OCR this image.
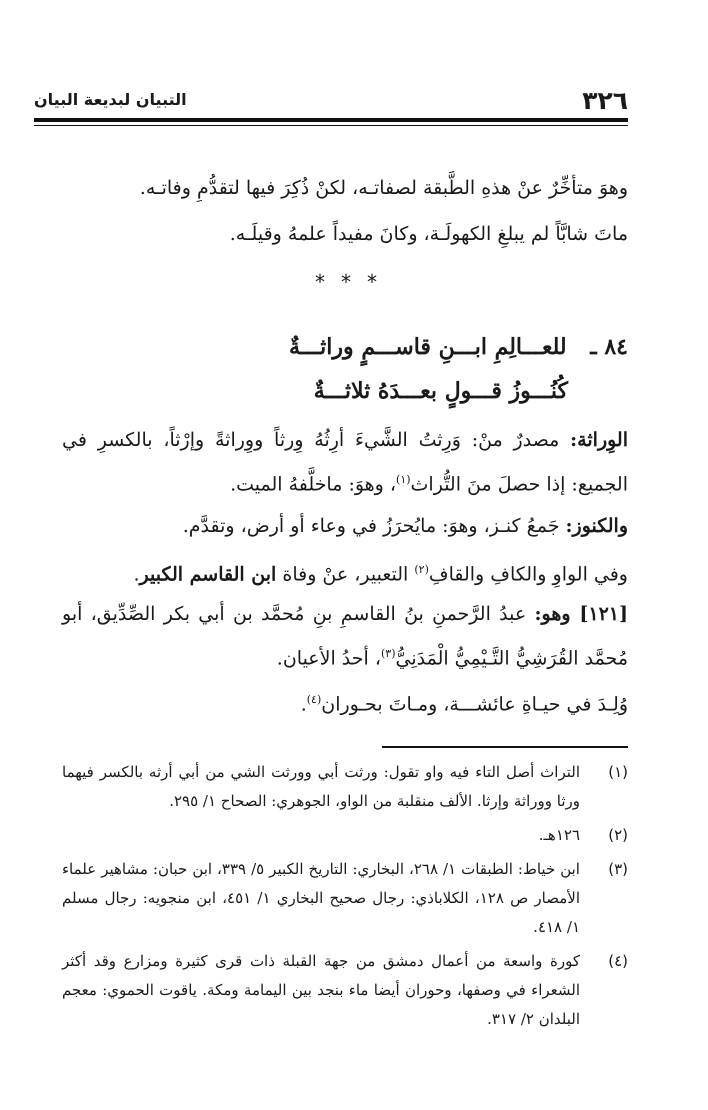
٣٢٦
التبيان لبديعة البيان
وهوَ متأخِّرٌ عنْ هذهِ الطَّبقة لصفاتـه، لكنْ ذُكِرَ فيها لتقدُّمِ وفاتـه.
ماتَ شابَّاً لم يبلغِ الكهولَـة، وكانَ مفيداً علمهُ وقيلَـه.
***
٨٤ ـ للعـــالِمِ ابـــنِ قاســـمٍ وراثـــةٌ
كُنُـــوزُ قـــولٍ بعـــدَهُ ثلاثـــةٌ
الوِراثة: مصدرٌ منْ: وَرِثتُ الشَّيءَ أرِثُهُ وِرثاً ووِراثةً وإرْثاً، بالكسرِ في الجميع: إذا حصلَ منَ التُّراث$^{(١)}$، وهوَ: ماخلَّفهُ الميت.
والكنوز: جَمعُ كنـز، وهوَ: مايُحرَزُ في وعاء أو أرض، وتقدَّم.
وفي الواوِ والكافِ والقافِ$^{(٢)}$ التعبير، عنْ وفاة ابن القاسم الكبير.
[١٢١] وهو: عبدُ الرَّحمنِ بنُ القاسمِ بنِ مُحمَّد بن أبي بكر الصِّدِّيق، أبو مُحمَّد القُرَشِيُّ التَّـيْمِيُّ الْمَدَنِيُّ$^{(٣)}$، أحدُ الأعيان.
وُلِـدَ في حيـاةِ عائشـــة، ومـاتَ بحـوران$^{(٤)}$.
(١)
التراث أصل التاء فيه واو تقول: ورثت أبي وورثت الشي من أبي أرثه بالكسر فيهما ورثا ووراثة وإرثا. الألف منقلبة من الواو، الجوهري: الصحاح ١/ ٢٩٥.
(٢)
١٢٦هـ.
(٣)
ابن خياط: الطبقات ١/ ٢٦٨، البخاري: التاريخ الكبير ٥/ ٣٣٩، ابن حبان: مشاهير علماء الأمصار ص ١٢٨، الكلاباذي: رجال صحيح البخاري ١/ ٤٥١، ابن منجويه: رجال مسلم ١/ ٤١٨.
(٤)
كورة واسعة من أعمال دمشق من جهة القبلة ذات قرى كثيرة ومزارع وقد أكثر الشعراء في وصفها، وحوران أيضا ماء بنجد بين اليمامة ومكة. ياقوت الحموي: معجم البلدان ٢/ ٣١٧.
